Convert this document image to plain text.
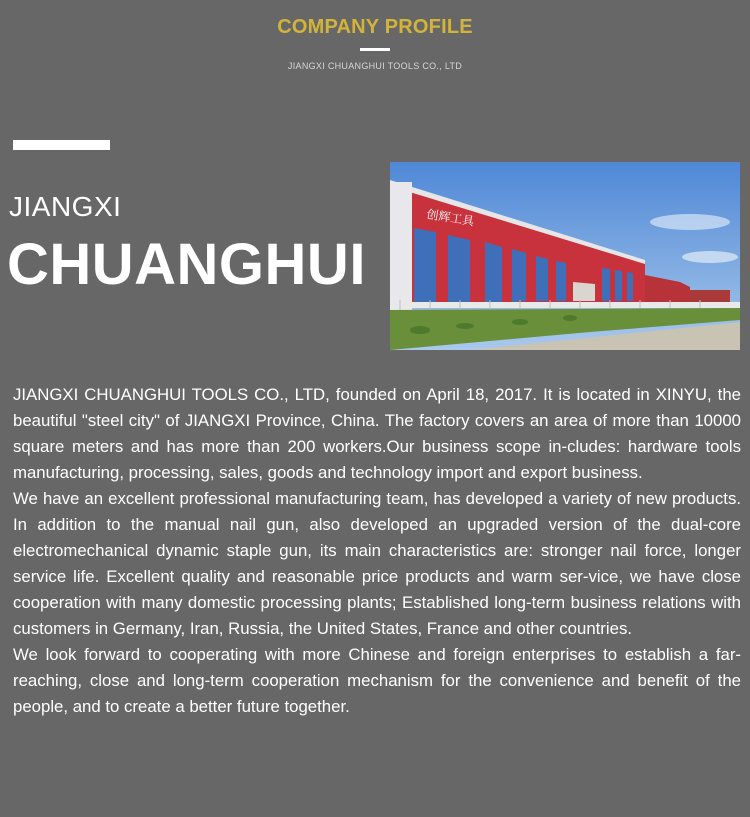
COMPANY PROFILE
JIANGXI CHUANGHUI TOOLS CO., LTD
JIANGXI
CHUANGHUI
创辉工具

JIANGXI CHUANGHUI TOOLS CO., LTD, founded on April 18, 2017. It is located in XINYU, the beautiful "steel city" of JIANGXI Province, China. The factory covers an area of more than 10000 square meters and has more than 200 workers.Our business scope in-cludes: hardware tools manufacturing, processing, sales, goods and technology import and export business.

We have an excellent professional manufacturing team, has developed a variety of new products. In addition to the manual nail gun, also developed an upgraded version of the dual-core electromechanical dynamic staple gun, its main characteristics are: stronger nail force, longer service life. Excellent quality and reasonable price products and warm ser-vice, we have close cooperation with many domestic processing plants; Established long-term business relations with customers in Germany, Iran, Russia, the United States, France and other countries.

We look forward to cooperating with more Chinese and foreign enterprises to establish a far-reaching, close and long-term cooperation mechanism for the convenience and benefit of the people, and to create a better future together.
